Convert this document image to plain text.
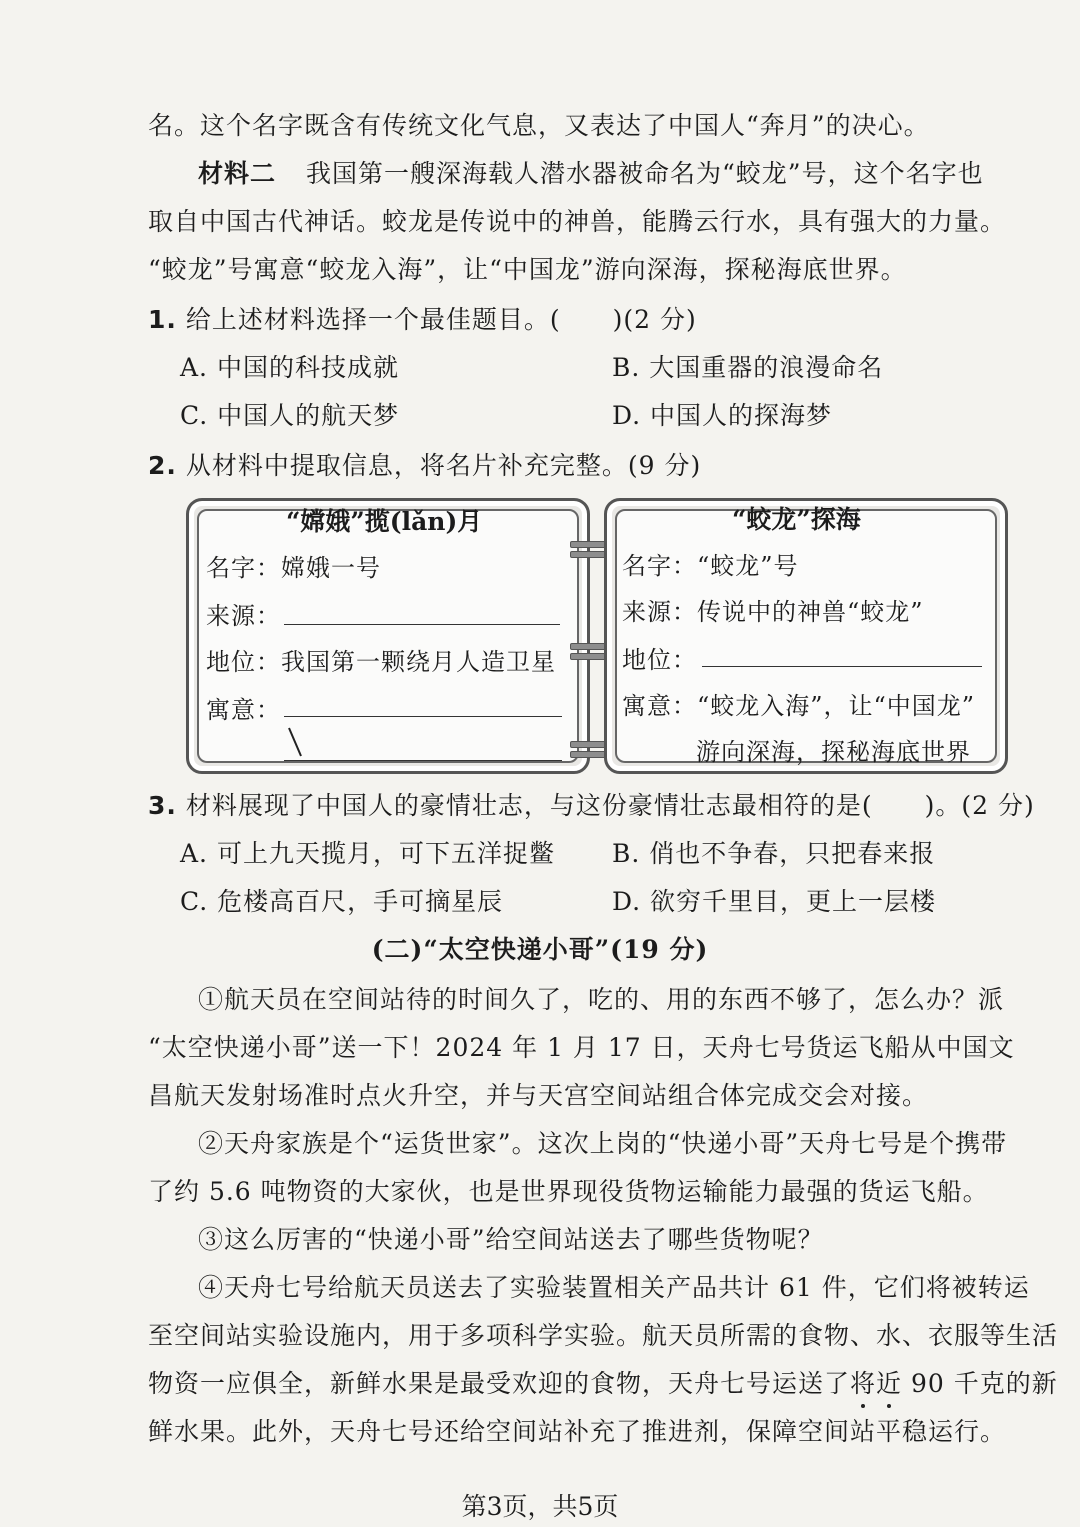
名。这个名字既含有传统文化气息，又表达了中国人“奔月”的决心。
材料二 我国第一艘深海载人潜水器被命名为“蛟龙”号，这个名字也
取自中国古代神话。蛟龙是传说中的神兽，能腾云行水，具有强大的力量。
“蛟龙”号寓意“蛟龙入海”，让“中国龙”游向深海，探秘海底世界。
1. 给上述材料选择一个最佳题目。(　　)(2 分)
A. 中国的科技成就	B. 大国重器的浪漫命名
C. 中国人的航天梦	D. 中国人的探海梦
2. 从材料中提取信息，将名片补充完整。(9 分)
“嫦娥”揽(lǎn)月
名字：嫦娥一号
来源：
地位：我国第一颗绕月人造卫星
寓意：
“蛟龙”探海
名字：“蛟龙”号
来源：传说中的神兽“蛟龙”
地位：
寓意：“蛟龙入海”，让“中国龙”
游向深海，探秘海底世界
3. 材料展现了中国人的豪情壮志，与这份豪情壮志最相符的是(　　)。(2 分)
A. 可上九天揽月，可下五洋捉鳖 B. 俏也不争春，只把春来报
C. 危楼高百尺，手可摘星辰	D. 欲穷千里目，更上一层楼
(二)“太空快递小哥”(19 分)
①航天员在空间站待的时间久了，吃的、用的东西不够了，怎么办？派
“太空快递小哥”送一下！2024 年 1 月 17 日，天舟七号货运飞船从中国文
昌航天发射场准时点火升空，并与天宫空间站组合体完成交会对接。
②天舟家族是个“运货世家”。这次上岗的“快递小哥”天舟七号是个携带
了约 5.6 吨物资的大家伙，也是世界现役货物运输能力最强的货运飞船。
③这么厉害的“快递小哥”给空间站送去了哪些货物呢？
④天舟七号给航天员送去了实验装置相关产品共计 61 件，它们将被转运
至空间站实验设施内，用于多项科学实验。航天员所需的食物、水、衣服等生活
物资一应俱全，新鲜水果是最受欢迎的食物，天舟七号运送了将近 90 千克的新
鲜水果。此外，天舟七号还给空间站补充了推进剂，保障空间站平稳运行。
第3页，共5页
